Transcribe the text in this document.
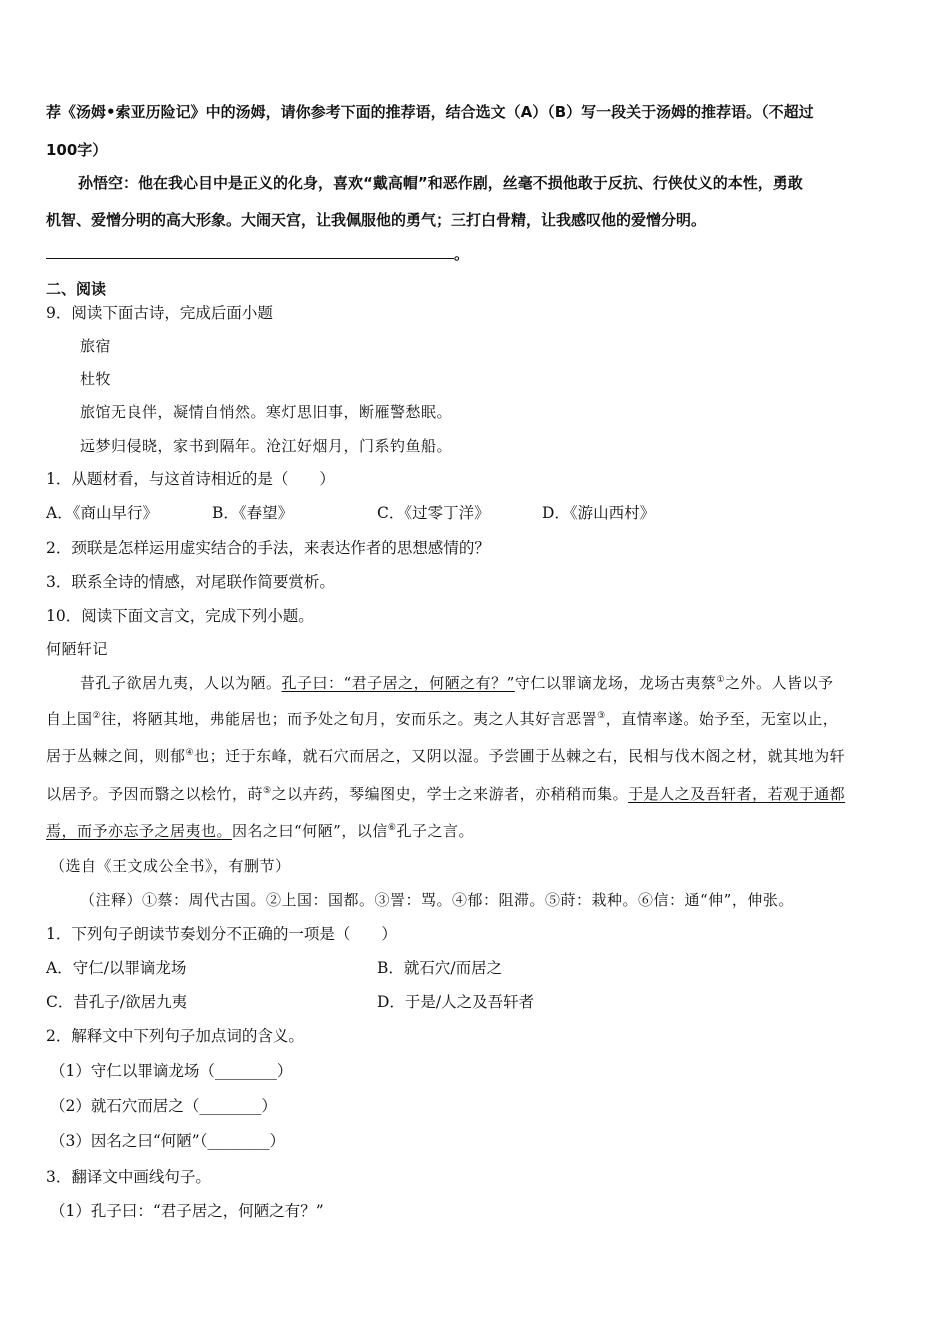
荐《汤姆•索亚历险记》中的汤姆，请你参考下面的推荐语，结合选文（A）（B）写一段关于汤姆的推荐语。（不超过
100字）
孙悟空：他在我心目中是正义的化身，喜欢“戴高帽”和恶作剧，丝毫不损他敢于反抗、行侠仗义的本性，勇敢
机智、爱憎分明的高大形象。大闹天宫，让我佩服他的勇气；三打白骨精，让我感叹他的爱憎分明。
。
二、阅读
9．阅读下面古诗，完成后面小题
旅宿
杜牧
旅馆无良伴，凝情自悄然。寒灯思旧事，断雁警愁眠。
远梦归侵晓，家书到隔年。沧江好烟月，门系钓鱼船。
1．从题材看，与这首诗相近的是（　　）
A．《商山早行》	B．《春望》	C．《过零丁洋》	D．《游山西村》
2．颈联是怎样运用虚实结合的手法，来表达作者的思想感情的？
3．联系全诗的情感，对尾联作简要赏析。
10．阅读下面文言文，完成下列小题。
何陋轩记
昔孔子欲居九夷，人以为陋。孔子曰：“君子居之，何陋之有？”守仁以罪谪龙场，龙场古夷蔡①之外。人皆以予
自上国②往，将陋其地，弗能居也；而予处之旬月，安而乐之。夷之人其好言恶詈③，直情率遂。始予至，无室以止，
居于丛棘之间，则郁④也；迁于东峰，就石穴而居之，又阴以湿。予尝圃于丛棘之右，民相与伐木阁之材，就其地为轩
以居予。予因而翳之以桧竹，莳⑤之以卉药，琴编图史，学士之来游者，亦稍稍而集。于是人之及吾轩者，若观于通都
焉，而予亦忘予之居夷也。因名之曰“何陋”，以信⑥孔子之言。
（选自《王文成公全书》，有删节）
（注释）①蔡：周代古国。②上国：国都。③詈：骂。④郁：阻滞。⑤莳：栽种。⑥信：通“伸”，伸张。
1．下列句子朗读节奏划分不正确的一项是（　　）
A．守仁/以罪谪龙场	B．就石穴/而居之
C．昔孔子/欲居九夷	D．于是/人之及吾轩者
2．解释文中下列句子加点词的含义。
（1）守仁以罪谪龙场（________）
（2）就石穴而居之（________）
（3）因名之曰“何陋”（________）
3．翻译文中画线句子。
（1）孔子曰：“君子居之，何陋之有？”
